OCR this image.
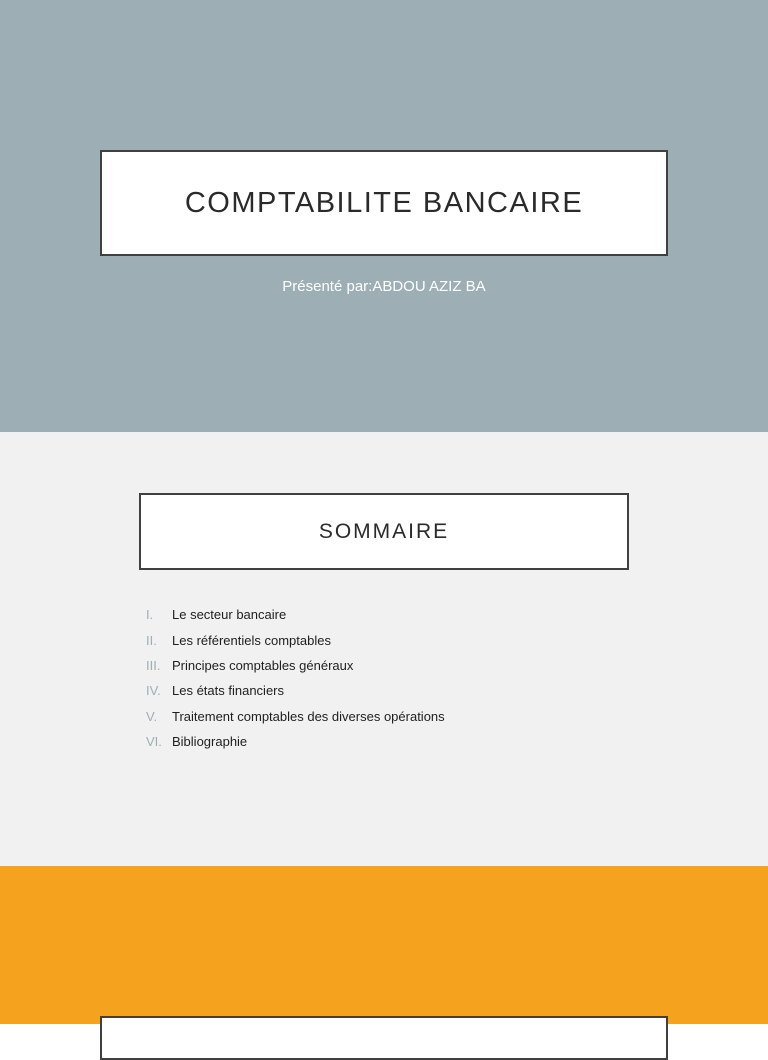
COMPTABILITE BANCAIRE
Présenté par:ABDOU AZIZ BA
SOMMAIRE
I.	Le secteur bancaire
II.	Les référentiels comptables
III. Principes comptables généraux
IV. Les états financiers
V.	Traitement comptables des diverses opérations
VI. Bibliographie
